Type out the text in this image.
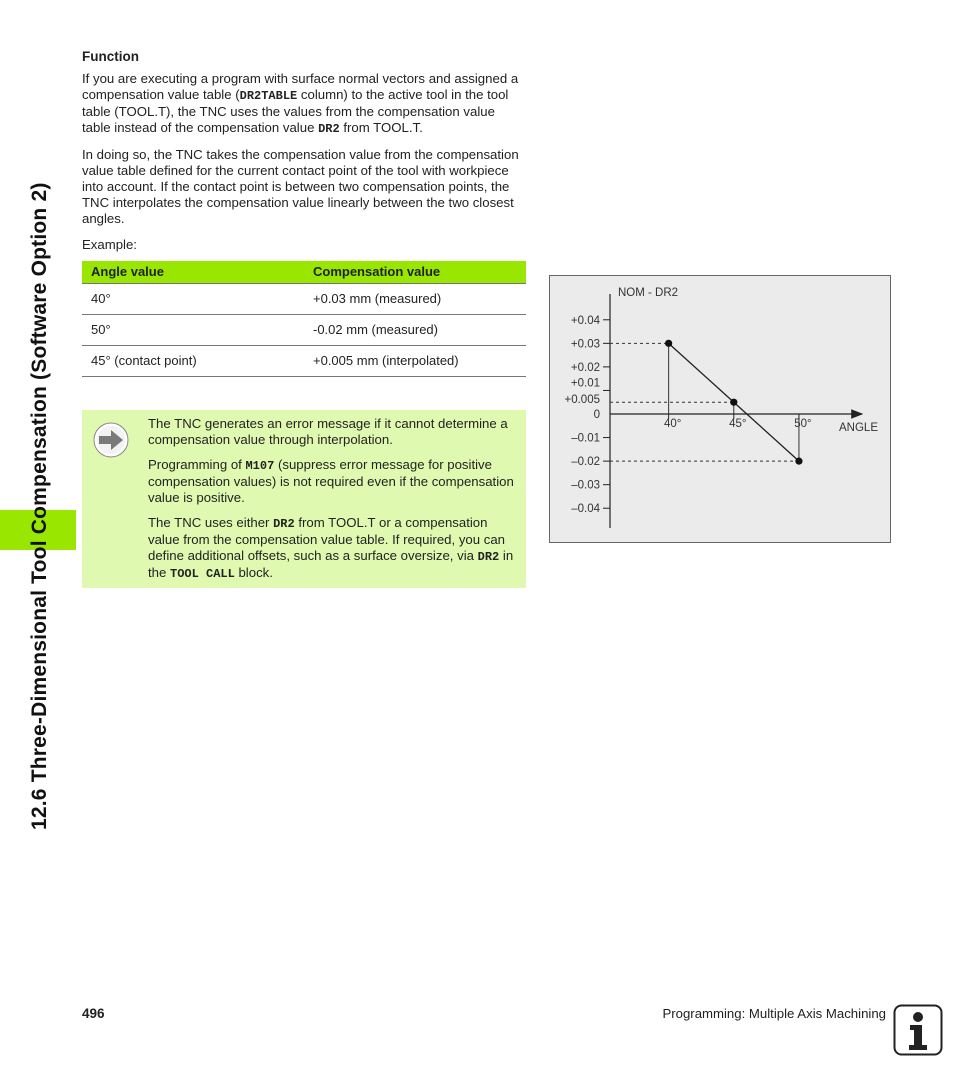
12.6 Three-Dimensional Tool Compensation (Software Option 2)

Function

If you are executing a program with surface normal vectors and assigned a compensation value table (DR2TABLE column) to the active tool in the tool table (TOOL.T), the TNC uses the values from the compensation value table instead of the compensation value DR2 from TOOL.T.

In doing so, the TNC takes the compensation value from the compensation value table defined for the current contact point of the tool with workpiece into account. If the contact point is between two compensation points, the TNC interpolates the compensation value linearly between the two closest angles.

Example:

Angle value	Compensation value
40°	+0.03 mm (measured)
50°	-0.02 mm (measured)
45° (contact point)	+0.005 mm (interpolated)

The TNC generates an error message if it cannot determine a compensation value through interpolation.

Programming of M107 (suppress error message for positive compensation values) is not required even if the compensation value is positive.

The TNC uses either DR2 from TOOL.T or a compensation value from the compensation value table. If required, you can define additional offsets, such as a surface oversize, via DR2 in the TOOL CALL block.

+0.04
+0.03
+0.02
+0.01
+0.005
0
–0.01
–0.02
–0.03
–0.04
40°	45°	50°
NOM - DR2
ANGLE
496	Programming: Multiple Axis Machining
